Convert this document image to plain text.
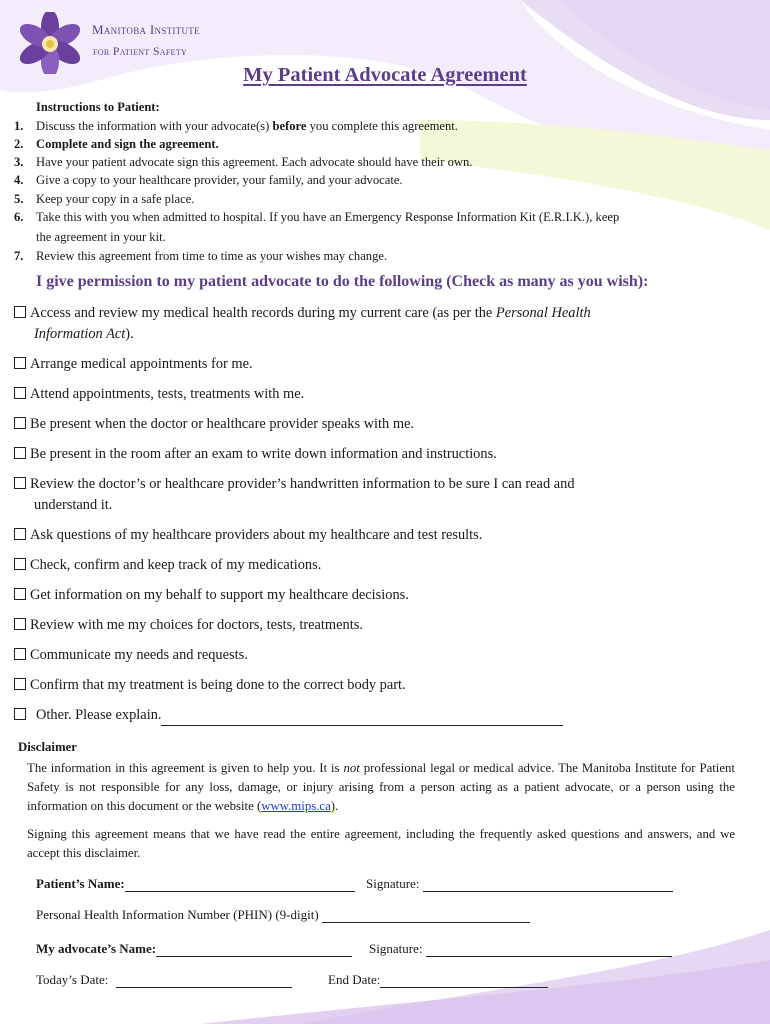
Manitoba Institute
for Patient Safety
My Patient Advocate Agreement
Instructions to Patient:
1. Discuss the information with your advocate(s) before you complete this agreement.
2. Complete and sign the agreement.
3. Have your patient advocate sign this agreement. Each advocate should have their own.
4. Give a copy to your healthcare provider, your family, and your advocate.
5. Keep your copy in a safe place.
6. Take this with you when admitted to hospital. If you have an Emergency Response Information Kit (E.R.I.K.), keep
the agreement in your kit.
7. Review this agreement from time to time as your wishes may change.
I give permission to my patient advocate to do the following (Check as many as you wish):
Access and review my medical health records during my current care (as per the Personal Health
Information Act).
Arrange medical appointments for me.
Attend appointments, tests, treatments with me.
Be present when the doctor or healthcare provider speaks with me.
Be present in the room after an exam to write down information and instructions.
Review the doctor’s or healthcare provider’s handwritten information to be sure I can read and
understand it.
Ask questions of my healthcare providers about my healthcare and test results.
Check, confirm and keep track of my medications.
Get information on my behalf to support my healthcare decisions.
Review with me my choices for doctors, tests, treatments.
Communicate my needs and requests.
Confirm that my treatment is being done to the correct body part.
Other. Please explain.
Disclaimer
The information in this agreement is given to help you. It is not professional legal or medical advice. The Manitoba Institute for Patient Safety is not responsible for any loss, damage, or injury arising from a person acting as a patient advocate, or a person using the information on this document or the website (www.mips.ca).
Signing this agreement means that we have read the entire agreement, including the frequently asked questions and answers, and we accept this disclaimer.
Patient’s Name:	Signature:
Personal Health Information Number (PHIN) (9-digit)
My advocate’s Name:	Signature:
Today’s Date:	End Date:
